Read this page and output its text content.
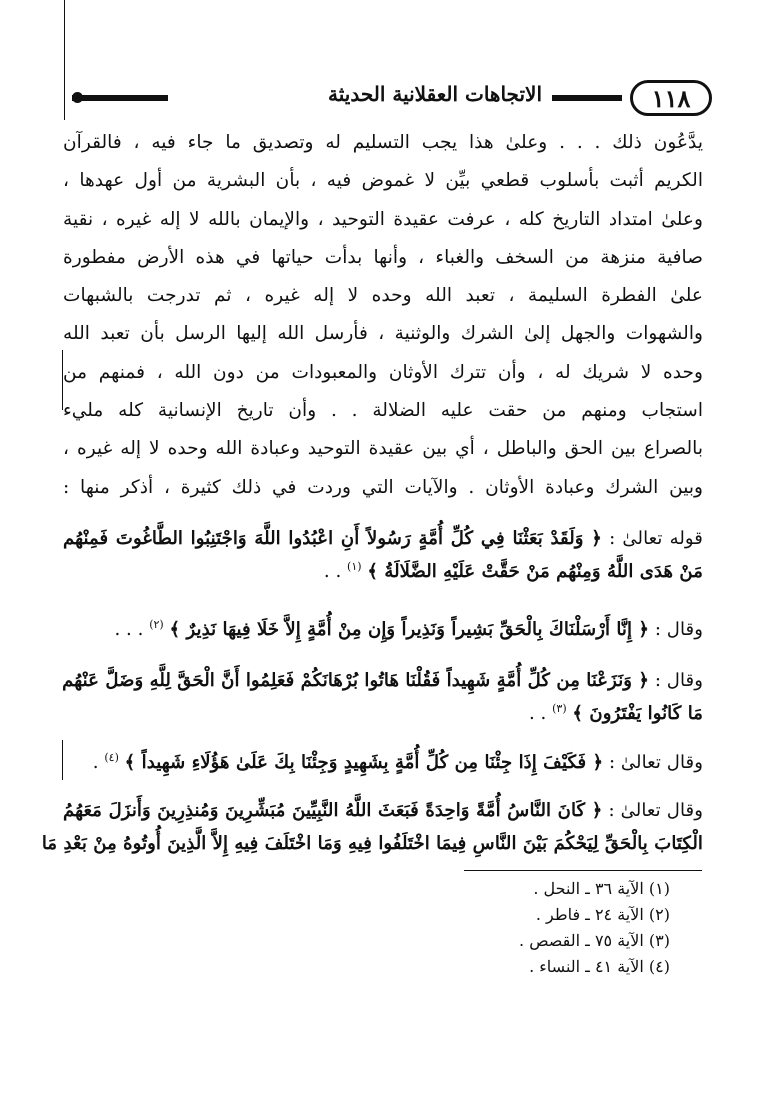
١١٨
الاتجاهات العقلانية الحديثة
يدَّعُون ذلك . . . وعلىٰ هذا يجب التسليم له وتصديق ما جاء فيه ، فالقرآن
الكريم أثبت بأسلوب قطعي بيِّن لا غموض فيه ، بأن البشرية من أول عهدها ،
وعلىٰ امتداد التاريخ كله ، عرفت عقيدة التوحيد ، والإيمان بالله لا إله غيره ، نقية
صافية منزهة من السخف والغباء ، وأنها بدأت حياتها في هذه الأرض مفطورة
علىٰ الفطرة السليمة ، تعبد الله وحده لا إله غيره ، ثم تدرجت بالشبهات
والشهوات والجهل إلىٰ الشرك والوثنية ، فأرسل الله إليها الرسل بأن تعبد الله
وحده لا شريك له ، وأن تترك الأوثان والمعبودات من دون الله ، فمنهم من
استجاب ومنهم من حقت عليه الضلالة . . وأن تاريخ الإنسانية كله مليء
بالصراع بين الحق والباطل ، أي بين عقيدة التوحيد وعبادة الله وحده لا إله غيره ،
وبين الشرك وعبادة الأوثان . والآيات التي وردت في ذلك كثيرة ، أذكر منها :
قوله تعالىٰ : ﴿ وَلَقَدْ بَعَثْنَا فِي كُلِّ أُمَّةٍ رَسُولاً أَنِ اعْبُدُوا اللَّهَ وَاجْتَنِبُوا الطَّاغُوتَ فَمِنْهُم
مَنْ هَدَى اللَّهُ وَمِنْهُم مَنْ حَقَّتْ عَلَيْهِ الضَّلَالَةُ ﴾ $^{(١)}$ . .
وقال : ﴿ إِنَّا أَرْسَلْنَاكَ بِالْحَقِّ بَشِيراً وَنَذِيراً وَإِن مِنْ أُمَّةٍ إِلاَّ خَلَا فِيهَا نَذِيرٌ ﴾ $^{(٢)}$ . . .
وقال : ﴿ وَنَزَعْنَا مِن كُلِّ أُمَّةٍ شَهِيداً فَقُلْنَا هَاتُوا بُرْهَانَكُمْ فَعَلِمُوا أَنَّ الْحَقَّ لِلَّهِ وَضَلَّ عَنْهُم
مَا كَانُوا يَفْتَرُونَ ﴾ $^{(٣)}$ . .
وقال تعالىٰ : ﴿ فَكَيْفَ إِذَا جِئْنَا مِن كُلِّ أُمَّةٍ بِشَهِيدٍ وَجِئْنَا بِكَ عَلَىٰ هَؤُلَاءِ شَهِيداً ﴾ $^{(٤)}$ .
وقال تعالىٰ : ﴿ كَانَ النَّاسُ أُمَّةً وَاحِدَةً فَبَعَثَ اللَّهُ النَّبِيِّينَ مُبَشِّرِينَ وَمُنذِرِينَ وَأَنزَلَ مَعَهُمُ
الْكِتَابَ بِالْحَقِّ لِيَحْكُمَ بَيْنَ النَّاسِ فِيمَا اخْتَلَفُوا فِيهِ وَمَا اخْتَلَفَ فِيهِ إِلاَّ الَّذِينَ أُوتُوهُ مِنْ بَعْدِ مَا
(١) الآية ٣٦ ـ النحل .
(٢) الآية ٢٤ ـ فاطر .
(٣) الآية ٧٥ ـ القصص .
(٤) الآية ٤١ ـ النساء .
